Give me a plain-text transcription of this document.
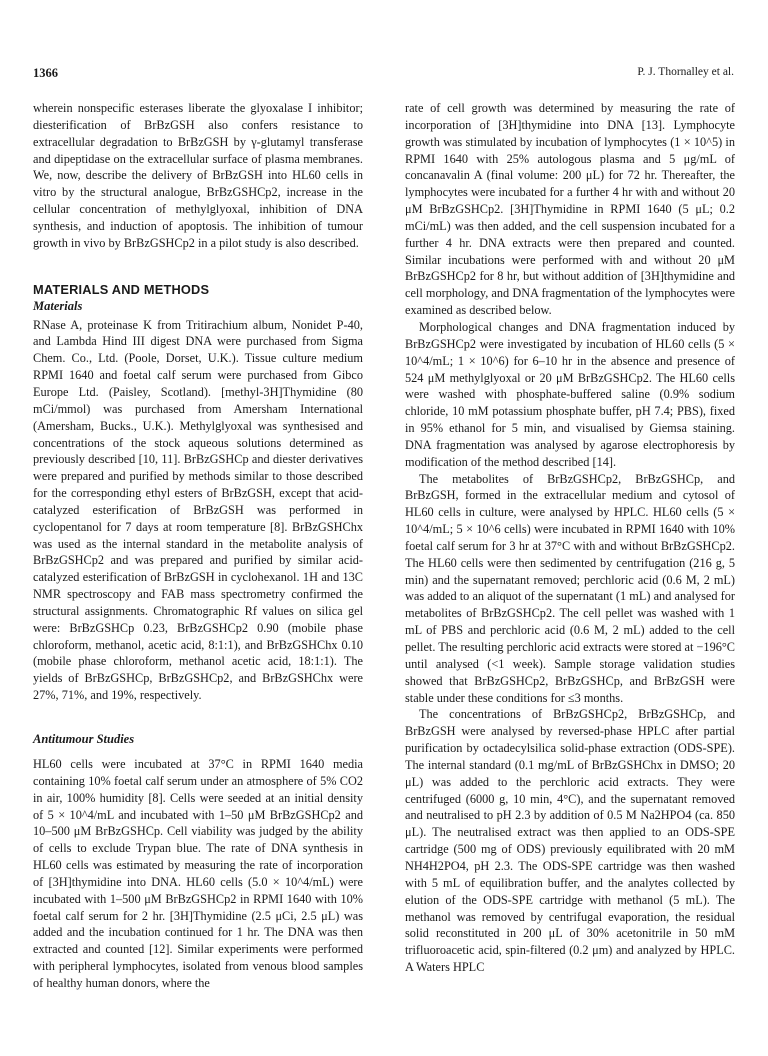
1366	P. J. Thornalley et al.

wherein nonspecific esterases liberate the glyoxalase I inhibitor; diesterification of BrBzGSH also confers resistance to extracellular degradation to BrBzGSH by γ-glutamyl transferase and dipeptidase on the extracellular surface of plasma membranes. We, now, describe the delivery of BrBzGSH into HL60 cells in vitro by the structural analogue, BrBzGSHCp2, increase in the cellular concentration of methylglyoxal, inhibition of DNA synthesis, and induction of apoptosis. The inhibition of tumour growth in vivo by BrBzGSHCp2 in a pilot study is also described.

MATERIALS AND METHODS
Materials

RNase A, proteinase K from Tritirachium album, Nonidet P-40, and Lambda Hind III digest DNA were purchased from Sigma Chem. Co., Ltd. (Poole, Dorset, U.K.). Tissue culture medium RPMI 1640 and foetal calf serum were purchased from Gibco Europe Ltd. (Paisley, Scotland). [methyl-3H]Thymidine (80 mCi/mmol) was purchased from Amersham International (Amersham, Bucks., U.K.). Methylglyoxal was synthesised and concentrations of the stock aqueous solutions determined as previously described [10, 11]. BrBzGSHCp and diester derivatives were prepared and purified by methods similar to those described for the corresponding ethyl esters of BrBzGSH, except that acid-catalyzed esterification of BrBzGSH was performed in cyclopentanol for 7 days at room temperature [8]. BrBzGSHChx was used as the internal standard in the metabolite analysis of BrBzGSHCp2 and was prepared and purified by similar acid-catalyzed esterification of BrBzGSH in cyclohexanol. 1H and 13C NMR spectroscopy and FAB mass spectrometry confirmed the structural assignments. Chromatographic Rf values on silica gel were: BrBzGSHCp 0.23, BrBzGSHCp2 0.90 (mobile phase chloroform, methanol, acetic acid, 8:1:1), and BrBzGSHChx 0.10 (mobile phase chloroform, methanol acetic acid, 18:1:1). The yields of BrBzGSHCp, BrBzGSHCp2, and BrBzGSHChx were 27%, 71%, and 19%, respectively.

Antitumour Studies

HL60 cells were incubated at 37°C in RPMI 1640 media containing 10% foetal calf serum under an atmosphere of 5% CO2 in air, 100% humidity [8]. Cells were seeded at an initial density of 5 × 10^4/mL and incubated with 1–50 μM BrBzGSHCp2 and 10–500 μM BrBzGSHCp. Cell viability was judged by the ability of cells to exclude Trypan blue. The rate of DNA synthesis in HL60 cells was estimated by measuring the rate of incorporation of [3H]thymidine into DNA. HL60 cells (5.0 × 10^4/mL) were incubated with 1–500 μM BrBzGSHCp2 in RPMI 1640 with 10% foetal calf serum for 2 hr. [3H]Thymidine (2.5 μCi, 2.5 μL) was added and the incubation continued for 1 hr. The DNA was then extracted and counted [12]. Similar experiments were performed with peripheral lymphocytes, isolated from venous blood samples of healthy human donors, where the

rate of cell growth was determined by measuring the rate of incorporation of [3H]thymidine into DNA [13]. Lymphocyte growth was stimulated by incubation of lymphocytes (1 × 10^5) in RPMI 1640 with 25% autologous plasma and 5 μg/mL of concanavalin A (final volume: 200 μL) for 72 hr. Thereafter, the lymphocytes were incubated for a further 4 hr with and without 20 μM BrBzGSHCp2. [3H]Thymidine in RPMI 1640 (5 μL; 0.2 mCi/mL) was then added, and the cell suspension incubated for a further 4 hr. DNA extracts were then prepared and counted. Similar incubations were performed with and without 20 μM BrBzGSHCp2 for 8 hr, but without addition of [3H]thymidine and cell morphology, and DNA fragmentation of the lymphocytes were examined as described below.

Morphological changes and DNA fragmentation induced by BrBzGSHCp2 were investigated by incubation of HL60 cells (5 × 10^4/mL; 1 × 10^6) for 6–10 hr in the absence and presence of 524 μM methylglyoxal or 20 μM BrBzGSHCp2. The HL60 cells were washed with phosphate-buffered saline (0.9% sodium chloride, 10 mM potassium phosphate buffer, pH 7.4; PBS), fixed in 95% ethanol for 5 min, and visualised by Giemsa staining. DNA fragmentation was analysed by agarose electrophoresis by modification of the method described [14].

The metabolites of BrBzGSHCp2, BrBzGSHCp, and BrBzGSH, formed in the extracellular medium and cytosol of HL60 cells in culture, were analysed by HPLC. HL60 cells (5 × 10^4/mL; 5 × 10^6 cells) were incubated in RPMI 1640 with 10% foetal calf serum for 3 hr at 37°C with and without BrBzGSHCp2. The HL60 cells were then sedimented by centrifugation (216 g, 5 min) and the supernatant removed; perchloric acid (0.6 M, 2 mL) was added to an aliquot of the supernatant (1 mL) and analysed for metabolites of BrBzGSHCp2. The cell pellet was washed with 1 mL of PBS and perchloric acid (0.6 M, 2 mL) added to the cell pellet. The resulting perchloric acid extracts were stored at −196°C until analysed (<1 week). Sample storage validation studies showed that BrBzGSHCp2, BrBzGSHCp, and BrBzGSH were stable under these conditions for ≤3 months.

The concentrations of BrBzGSHCp2, BrBzGSHCp, and BrBzGSH were analysed by reversed-phase HPLC after partial purification by octadecylsilica solid-phase extraction (ODS-SPE). The internal standard (0.1 mg/mL of BrBzGSHChx in DMSO; 20 μL) was added to the perchloric acid extracts. They were centrifuged (6000 g, 10 min, 4°C), and the supernatant removed and neutralised to pH 2.3 by addition of 0.5 M Na2HPO4 (ca. 850 μL). The neutralised extract was then applied to an ODS-SPE cartridge (500 mg of ODS) previously equilibrated with 20 mM NH4H2PO4, pH 2.3. The ODS-SPE cartridge was then washed with 5 mL of equilibration buffer, and the analytes collected by elution of the ODS-SPE cartridge with methanol (5 mL). The methanol was removed by centrifugal evaporation, the residual solid reconstituted in 200 μL of 30% acetonitrile in 50 mM trifluoroacetic acid, spin-filtered (0.2 μm) and analyzed by HPLC. A Waters HPLC
